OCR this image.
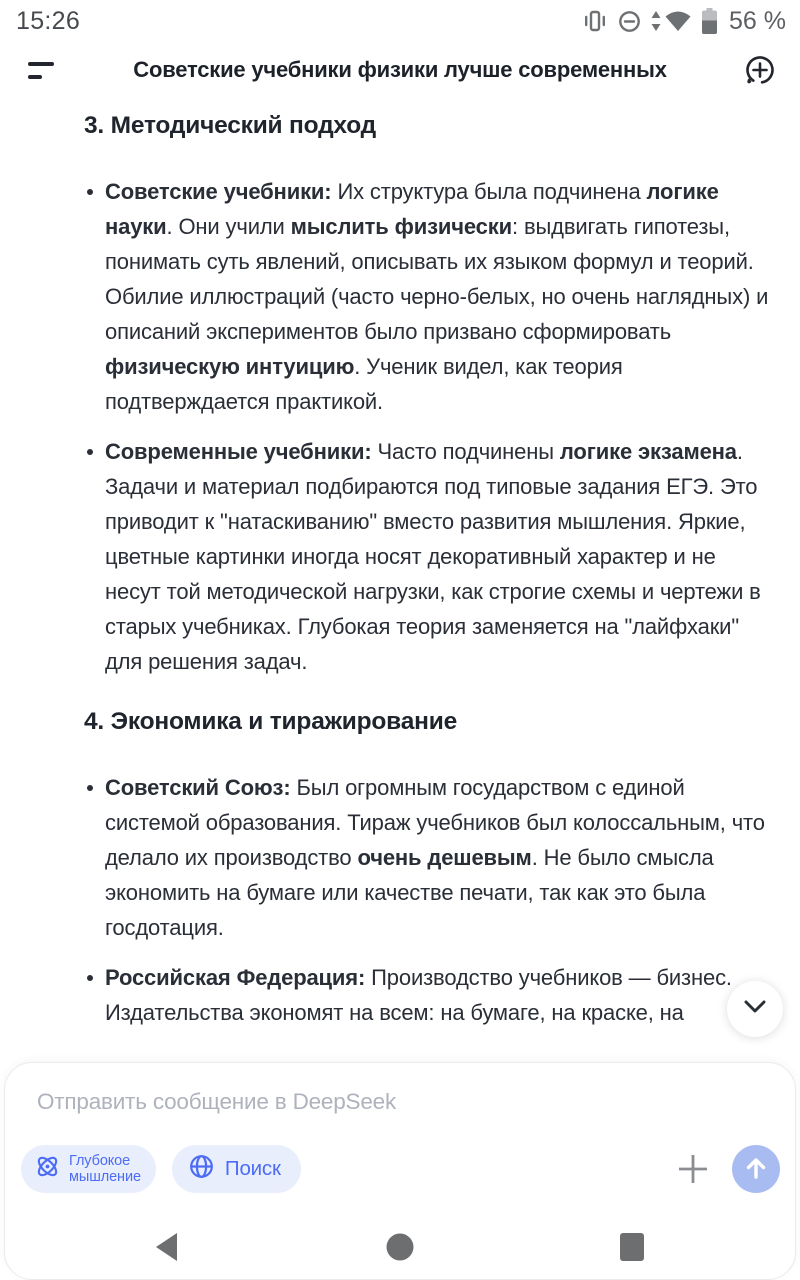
15:26	56 %
Советские учебники физики лучше современных
3. Методический подход
Советские учебники: Их структура была подчинена логике науки. Они учили мыслить физически: выдвигать гипотезы, понимать суть явлений, описывать их языком формул и теорий. Обилие иллюстраций (часто черно-белых, но очень наглядных) и описаний экспериментов было призвано сформировать физическую интуицию. Ученик видел, как теория подтверждается практикой.
Современные учебники: Часто подчинены логике экзамена. Задачи и материал подбираются под типовые задания ЕГЭ. Это приводит к "натаскиванию" вместо развития мышления. Яркие, цветные картинки иногда носят декоративный характер и не несут той методической нагрузки, как строгие схемы и чертежи в старых учебниках. Глубокая теория заменяется на "лайфхаки" для решения задач.
4. Экономика и тиражирование
Советский Союз: Был огромным государством с единой системой образования. Тираж учебников был колоссальным, что делало их производство очень дешевым. Не было смысла экономить на бумаге или качестве печати, так как это была госдотация.
Российская Федерация: Производство учебников — бизнес. Издательства экономят на всем: на бумаге, на краске, на
Отправить сообщение в DeepSeek
Глубокое
мышление	Поиск
